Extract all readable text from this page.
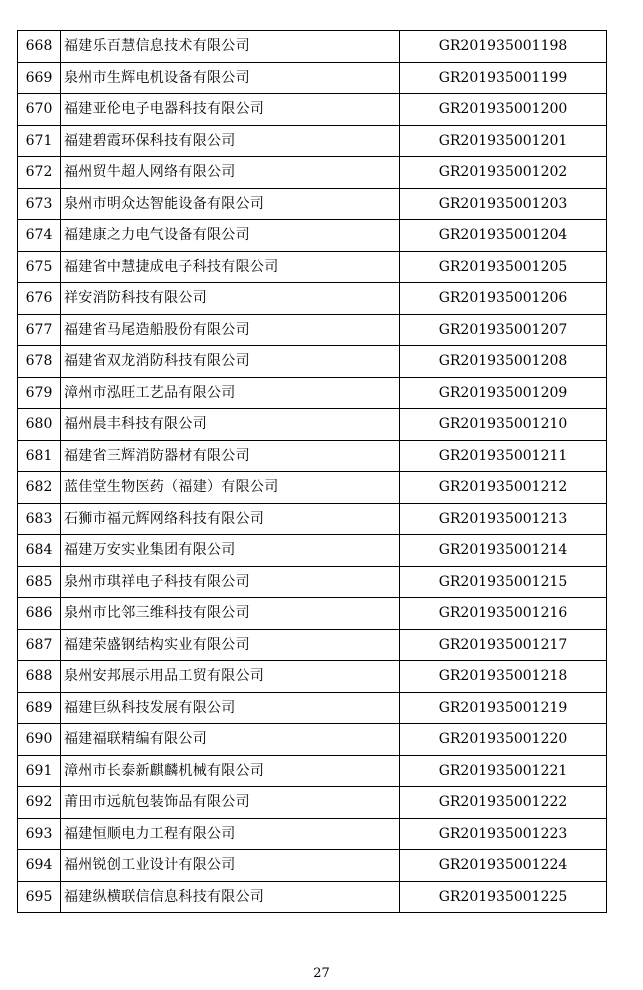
668	福建乐百慧信息技术有限公司	GR201935001198
669	泉州市生辉电机设备有限公司	GR201935001199
670	福建亚伦电子电器科技有限公司	GR201935001200
671	福建碧霞环保科技有限公司	GR201935001201
672	福州贸牛超人网络有限公司	GR201935001202
673	泉州市明众达智能设备有限公司	GR201935001203
674	福建康之力电气设备有限公司	GR201935001204
675	福建省中慧捷成电子科技有限公司	GR201935001205
676	祥安消防科技有限公司	GR201935001206
677	福建省马尾造船股份有限公司	GR201935001207
678	福建省双龙消防科技有限公司	GR201935001208
679	漳州市泓旺工艺品有限公司	GR201935001209
680	福州晨丰科技有限公司	GR201935001210
681	福建省三辉消防器材有限公司	GR201935001211
682	蓝佳堂生物医药（福建）有限公司	GR201935001212
683	石狮市福元辉网络科技有限公司	GR201935001213
684	福建万安实业集团有限公司	GR201935001214
685	泉州市琪祥电子科技有限公司	GR201935001215
686	泉州市比邻三维科技有限公司	GR201935001216
687	福建荣盛钢结构实业有限公司	GR201935001217
688	泉州安邦展示用品工贸有限公司	GR201935001218
689	福建巨纵科技发展有限公司	GR201935001219
690	福建福联精编有限公司	GR201935001220
691	漳州市长泰新麒麟机械有限公司	GR201935001221
692	莆田市远航包装饰品有限公司	GR201935001222
693	福建恒顺电力工程有限公司	GR201935001223
694	福州锐创工业设计有限公司	GR201935001224
695	福建纵横联信信息科技有限公司	GR201935001225
27
